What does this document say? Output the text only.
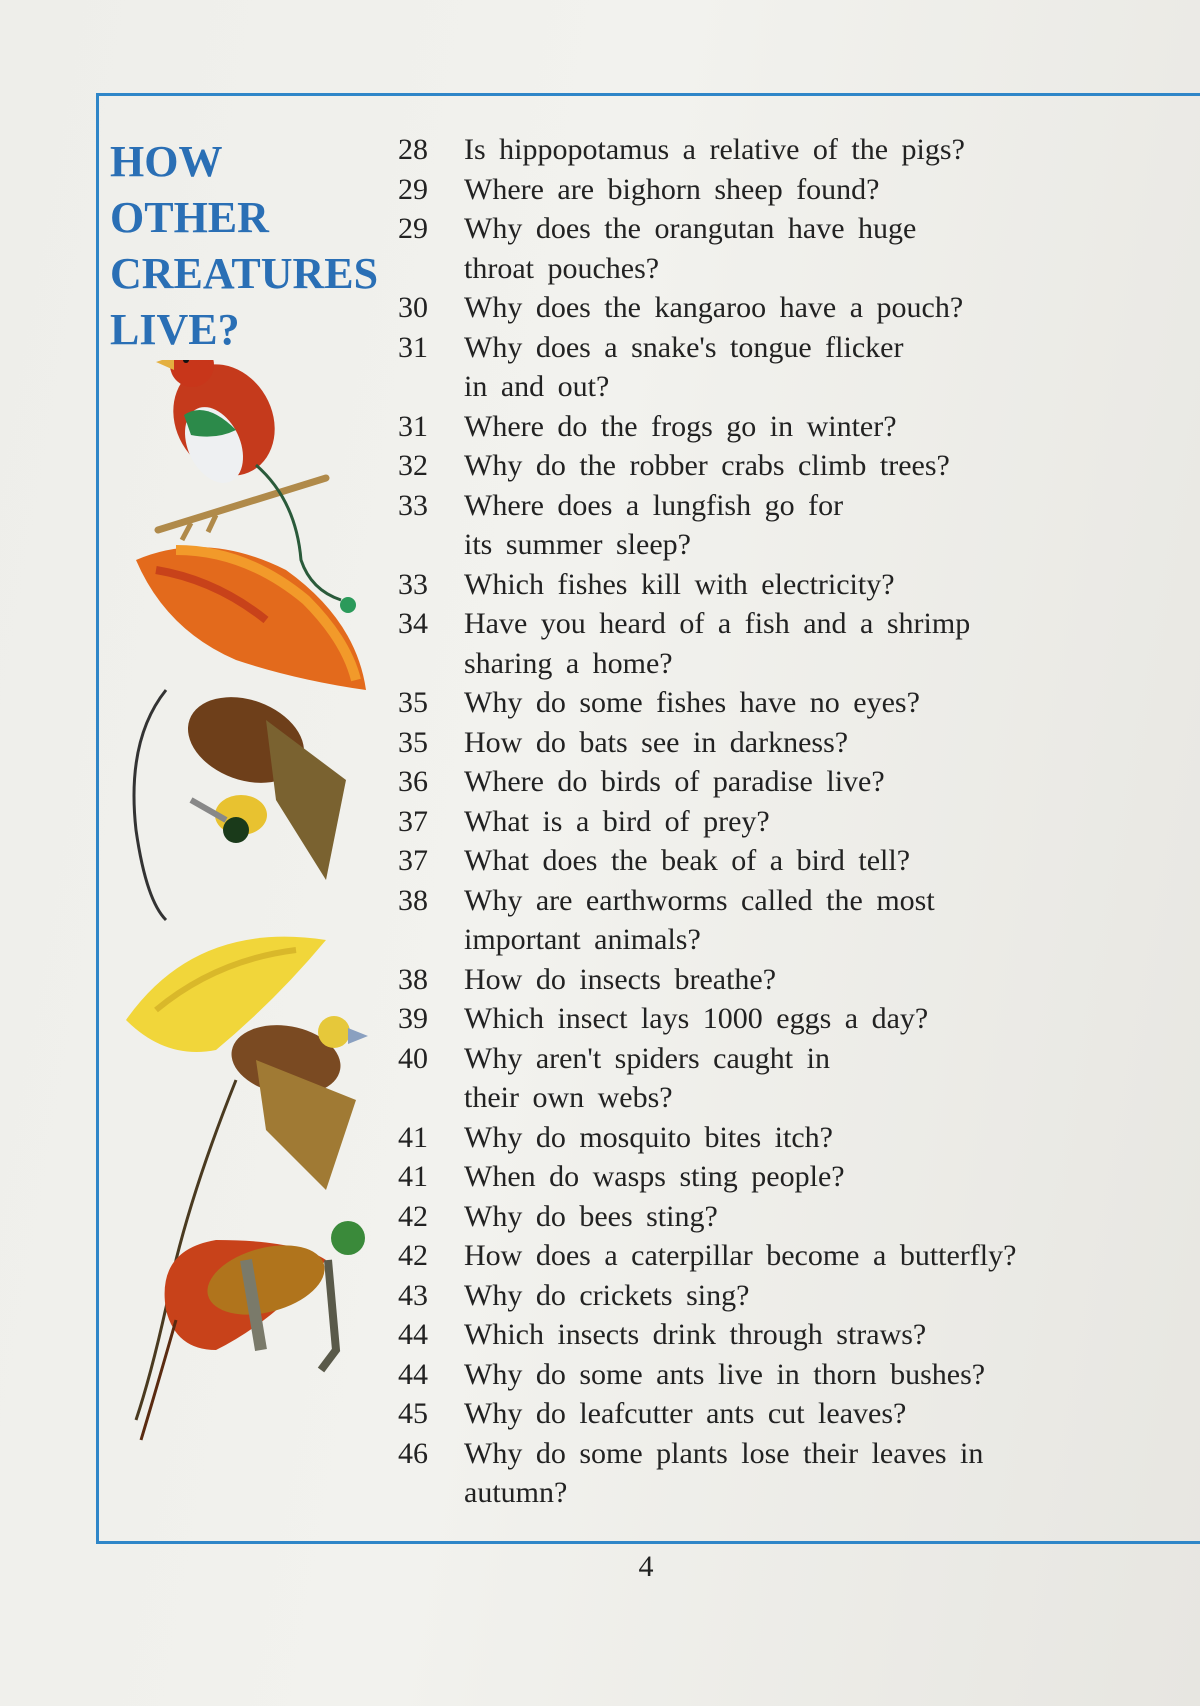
HOW
OTHER
CREATURES
LIVE?
28	Is hippopotamus a relative of the pigs?
29	Where are bighorn sheep found?
29	Why does the orangutan have huge
throat pouches?
30	Why does the kangaroo have a pouch?
31	Why does a snake's tongue flicker
in and out?
31	Where do the frogs go in winter?
32	Why do the robber crabs climb trees?
33	Where does a lungfish go for
its summer sleep?
33	Which fishes kill with electricity?
34	Have you heard of a fish and a shrimp
sharing a home?
35	Why do some fishes have no eyes?
35	How do bats see in darkness?
36	Where do birds of paradise live?
37	What is a bird of prey?
37	What does the beak of a bird tell?
38	Why are earthworms called the most
important animals?
38	How do insects breathe?
39	Which insect lays 1000 eggs a day?
40	Why aren't spiders caught in
their own webs?
41	Why do mosquito bites itch?
41	When do wasps sting people?
42	Why do bees sting?
42	How does a caterpillar become a butterfly?
43	Why do crickets sing?
44	Which insects drink through straws?
44	Why do some ants live in thorn bushes?
45	Why do leafcutter ants cut leaves?
46	Why do some plants lose their leaves in
autumn?
4
